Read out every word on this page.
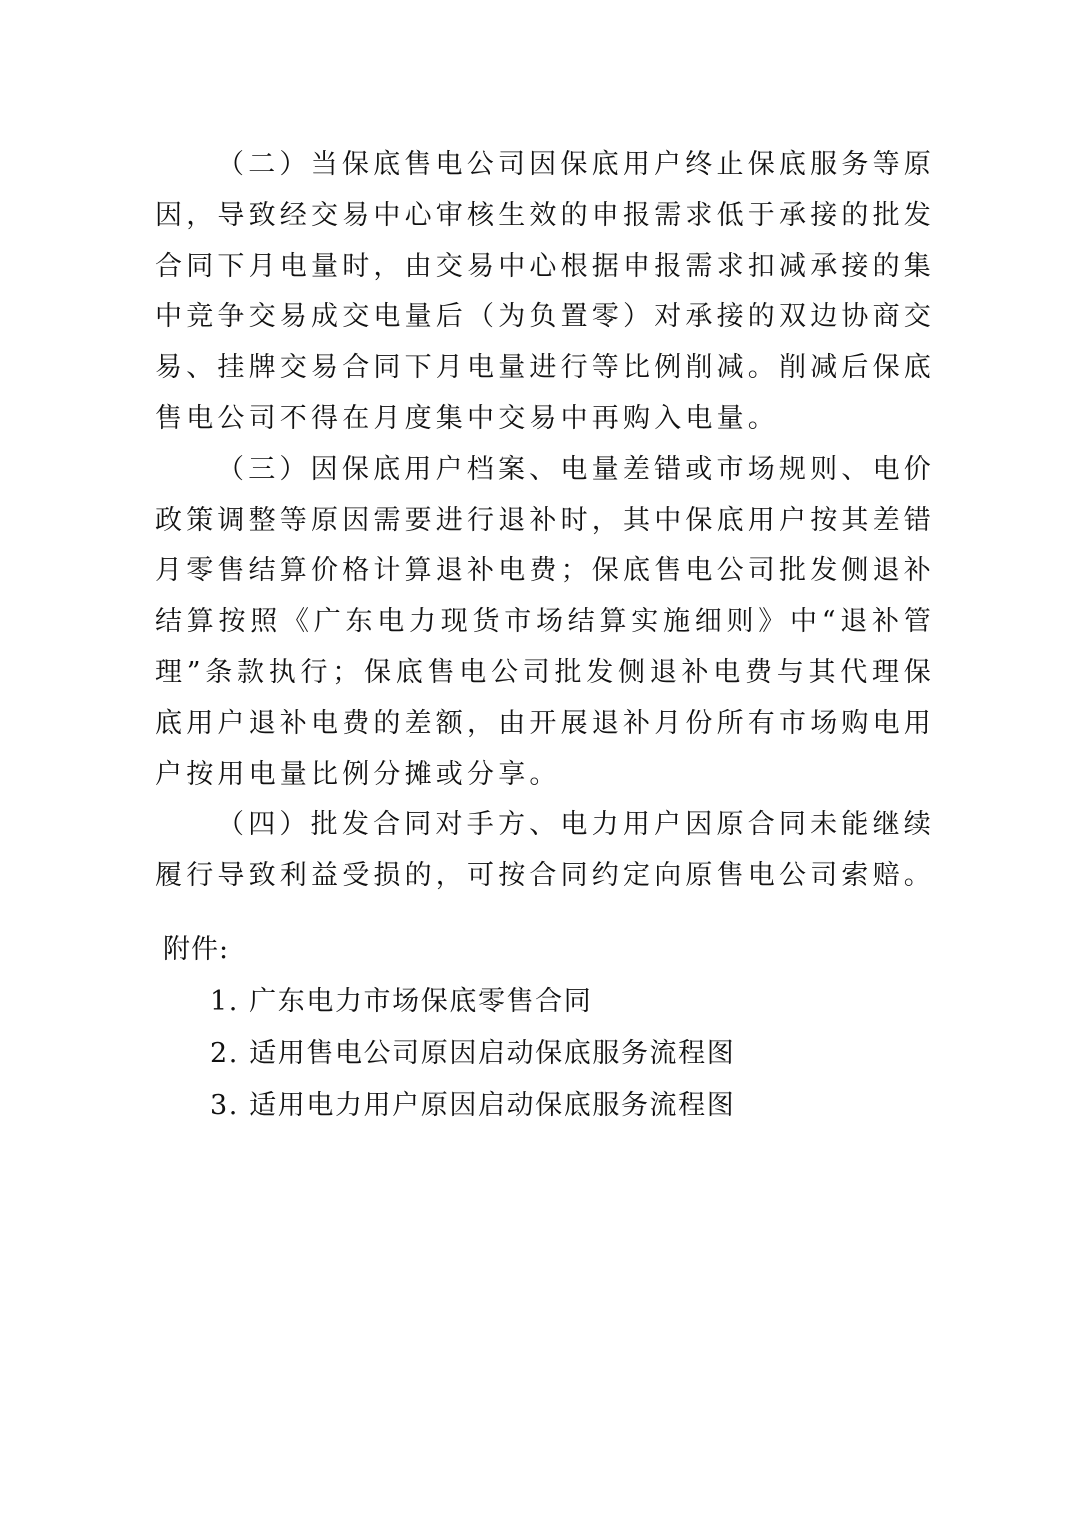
（二）当保底售电公司因保底用户终止保底服务等原因，导致经交易中心审核生效的申报需求低于承接的批发合同下月电量时，由交易中心根据申报需求扣减承接的集中竞争交易成交电量后（为负置零）对承接的双边协商交易、挂牌交易合同下月电量进行等比例削减。削减后保底售电公司不得在月度集中交易中再购入电量。

（三）因保底用户档案、电量差错或市场规则、电价政策调整等原因需要进行退补时，其中保底用户按其差错月零售结算价格计算退补电费；保底售电公司批发侧退补结算按照《广东电力现货市场结算实施细则》中“退补管理”条款执行；保底售电公司批发侧退补电费与其代理保底用户退补电费的差额，由开展退补月份所有市场购电用户按用电量比例分摊或分享。

（四）批发合同对手方、电力用户因原合同未能继续履行导致利益受损的，可按合同约定向原售电公司索赔。

附件:

1. 广东电力市场保底零售合同

2. 适用售电公司原因启动保底服务流程图

3. 适用电力用户原因启动保底服务流程图
